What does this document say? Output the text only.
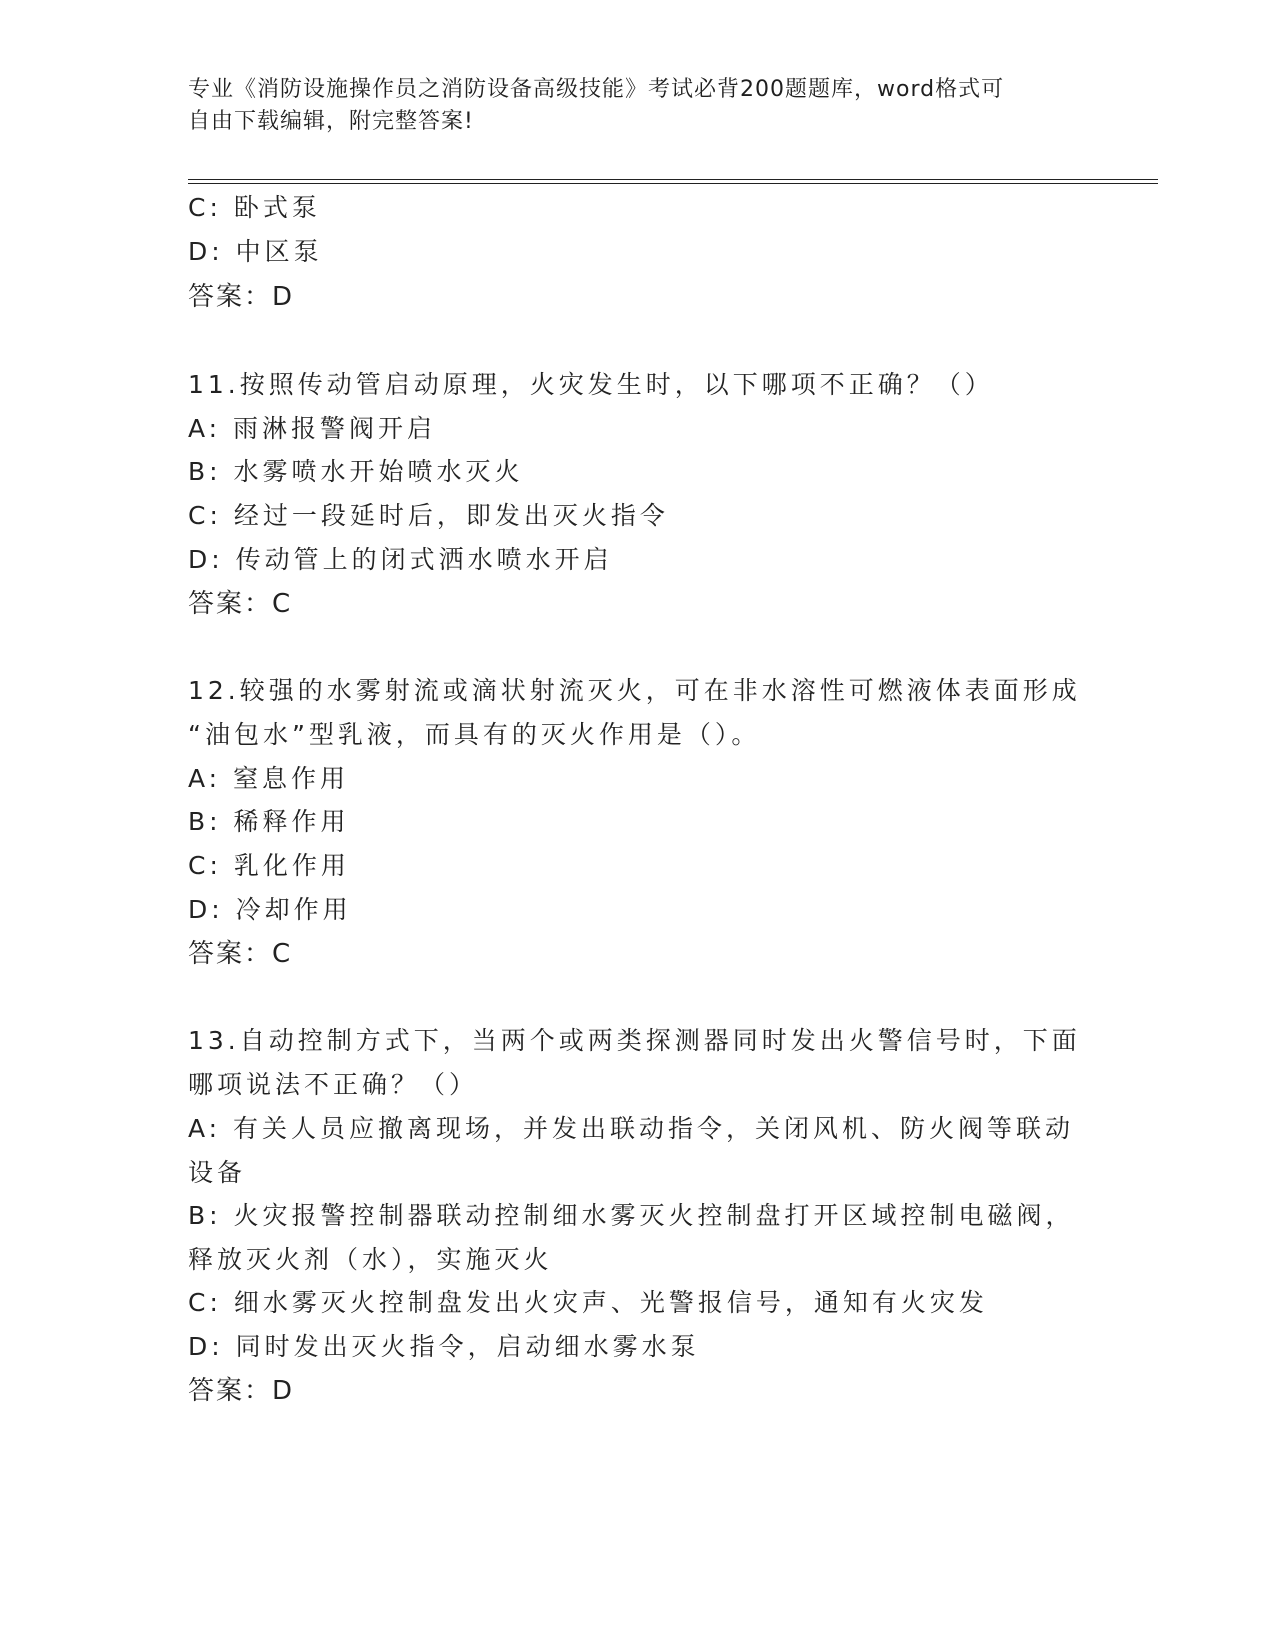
专业《消防设施操作员之消防设备高级技能》考试必背200题题库，word格式可
自由下载编辑，附完整答案!
C: 卧式泵
D: 中区泵
答案：D
11.按照传动管启动原理，火灾发生时，以下哪项不正确？（）
A: 雨淋报警阀开启
B: 水雾喷水开始喷水灭火
C: 经过一段延时后，即发出灭火指令
D: 传动管上的闭式洒水喷水开启
答案：C
12.较强的水雾射流或滴状射流灭火，可在非水溶性可燃液体表面形成
“油包水”型乳液，而具有的灭火作用是（）。
A: 窒息作用
B: 稀释作用
C: 乳化作用
D: 冷却作用
答案：C
13.自动控制方式下，当两个或两类探测器同时发出火警信号时，下面
哪项说法不正确？（）
A: 有关人员应撤离现场，并发出联动指令，关闭风机、防火阀等联动
设备
B: 火灾报警控制器联动控制细水雾灭火控制盘打开区域控制电磁阀，
释放灭火剂（水），实施灭火
C: 细水雾灭火控制盘发出火灾声、光警报信号，通知有火灾发
D: 同时发出灭火指令，启动细水雾水泵
答案：D
